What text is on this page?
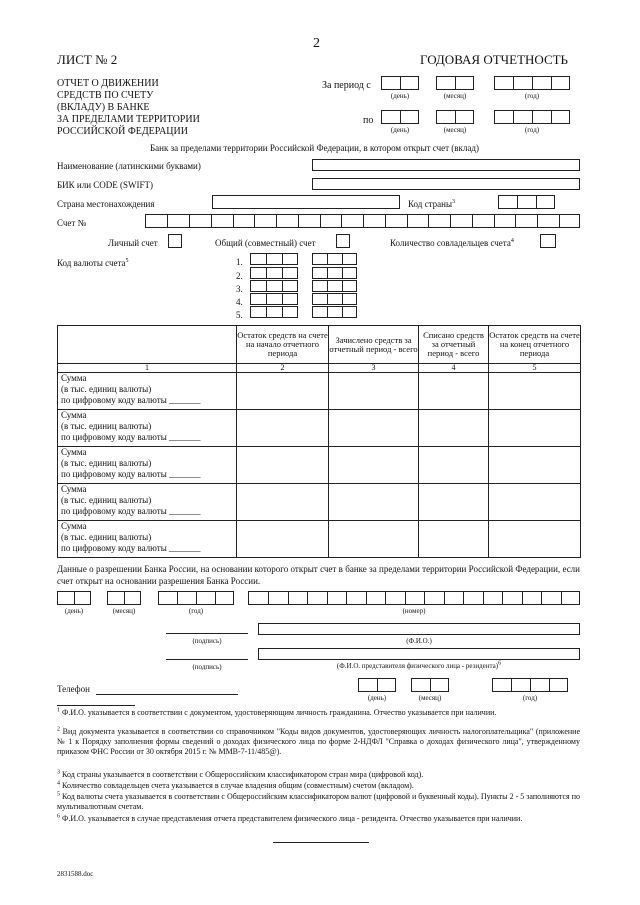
2
ЛИСТ № 2	ГОДОВАЯ ОТЧЕТНОСТЬ
ОТЧЕТ О ДВИЖЕНИИ
СРЕДСТВ ПО СЧЕТУ
(ВКЛАДУ) В БАНКЕ
ЗА ПРЕДЕЛАМИ ТЕРРИТОРИИ
РОССИЙСКОЙ ФЕДЕРАЦИИ
За период с
(день)	(месяц)	(год)
по
(день)	(месяц)	(год)
Банк за пределами территории Российской Федерации, в котором открыт счет (вклад)
Наименование (латинскими буквами)
БИК или CODE (SWIFT)
Страна местонахождения	Код страны$^3$
Счет №
Личный счет	Общий (совместный) счет	Количество совладельцев счета$^4$
Код валюты счета$^5$	1.
2.
3.
4.
5.
	Остаток средств на счете на начало отчетного периода	Зачислено средств за отчетный период - всего	Списано средств за отчетный период - всего	Остаток средств на счете на конец отчетного периода
1	2	3	4	5

Сумма
(в тыс. единиц валюты)
по цифровому коду валюты _______				

Сумма
(в тыс. единиц валюты)
по цифровому коду валюты _______				

Сумма
(в тыс. единиц валюты)
по цифровому коду валюты _______				

Сумма
(в тыс. единиц валюты)
по цифровому коду валюты _______				

Сумма
(в тыс. единиц валюты)
по цифровому коду валюты _______				

Данные о разрешении Банка России, на основании которого открыт счет в банке за пределами территории Российской Федерации, если счет открыт на основании разрешения Банка России.
(день)	(месяц)	(год)	(номер)
(подпись)	(Ф.И.О.)
(подпись)	(Ф.И.О. представителя физического лица - резидента)$^6$
Телефон
(день)	(месяц)	(год)
$^1$ Ф.И.О. указывается в соответствии с документом, удостоверяющим личность гражданина. Отчество указывается при наличии.
$^2$ Вид документа указывается в соответствии со справочником "Коды видов документов, удостоверяющих личность налогоплательщика" (приложение № 1 к Порядку заполнения формы сведений о доходах физического лица по форме 2-НДФЛ "Справка о доходах физического лица", утвержденному приказом ФНС России от 30 октября 2015 г. № ММВ-7-11/485@).
$^3$ Код страны указывается в соответствии с Общероссийским классификатором стран мира (цифровой код).
$^4$ Количество совладельцев счета указывается в случае владения общим (совместным) счетом (вкладом).
$^5$ Код валюты счета указывается в соответствии с Общероссийским классификатором валют (цифровой и буквенный коды). Пункты 2 - 5 заполняются по мультивалютным счетам.
$^6$ Ф.И.О. указывается в случае представления отчета представителем физического лица - резидента. Отчество указывается при наличии.
2831588.doc
